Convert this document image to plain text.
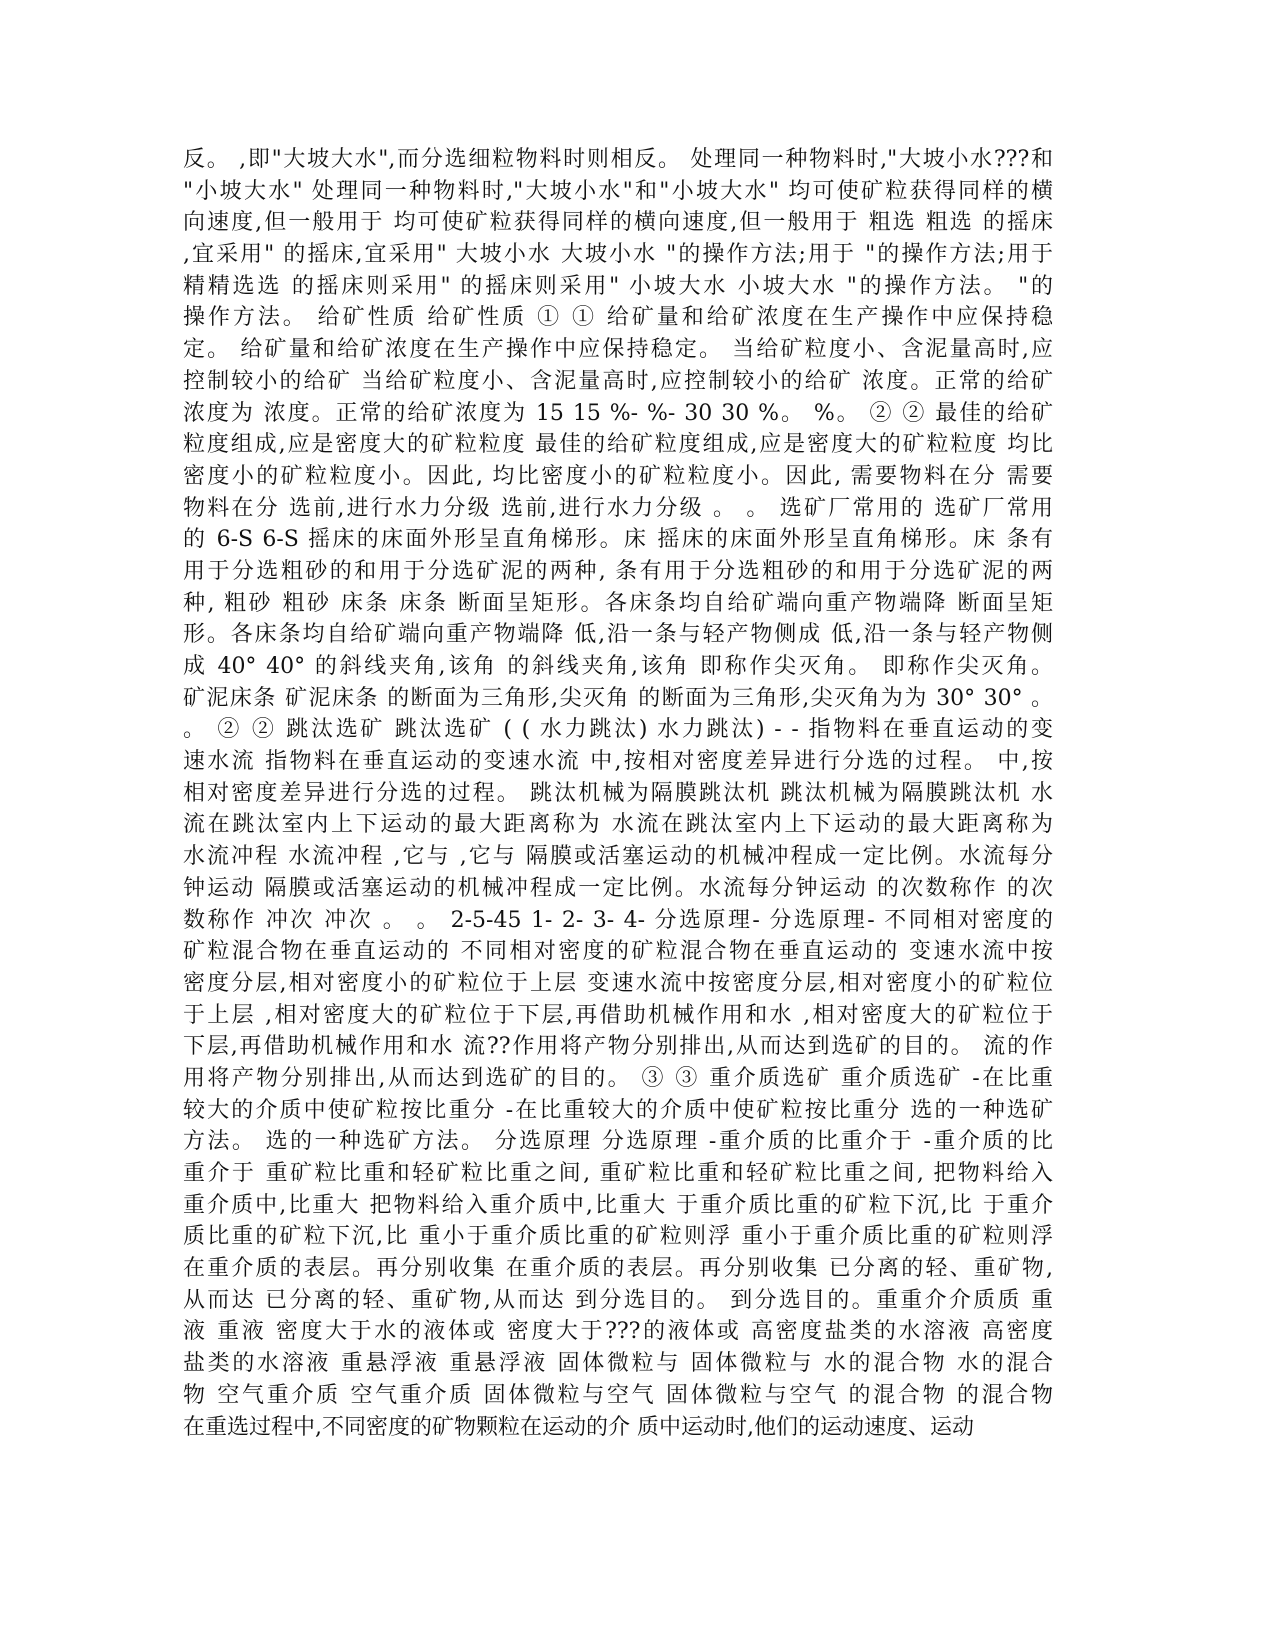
反。 ,即"大坡大水",而分选细粒物料时则相反。 处理同一种物料时,"大坡小水???和
"小坡大水" 处理同一种物料时,"大坡小水"和"小坡大水" 均可使矿粒获得同样的横
向速度,但一般用于 均可使矿粒获得同样的横向速度,但一般用于 粗选 粗选 的摇床
,宜采用" 的摇床,宜采用" 大坡小水 大坡小水 "的操作方法;用于 "的操作方法;用于
精精选选 的摇床则采用" 的摇床则采用" 小坡大水 小坡大水 "的操作方法。 "的
操作方法。 给矿性质 给矿性质 ① ① 给矿量和给矿浓度在生产操作中应保持稳
定。 给矿量和给矿浓度在生产操作中应保持稳定。 当给矿粒度小、含泥量高时,应
控制较小的给矿 当给矿粒度小、含泥量高时,应控制较小的给矿 浓度。正常的给矿
浓度为 浓度。正常的给矿浓度为 15 15 %- %- 30 30 %。 %。 ② ② 最佳的给矿
粒度组成,应是密度大的矿粒粒度 最佳的给矿粒度组成,应是密度大的矿粒粒度 均比
密度小的矿粒粒度小。因此, 均比密度小的矿粒粒度小。因此, 需要物料在分 需要
物料在分 选前,进行水力分级 选前,进行水力分级 。 。 选矿厂常用的 选矿厂常用
的 6-S 6-S 摇床的床面外形呈直角梯形。床 摇床的床面外形呈直角梯形。床 条有
用于分选粗砂的和用于分选矿泥的两种, 条有用于分选粗砂的和用于分选矿泥的两
种, 粗砂 粗砂 床条 床条 断面呈矩形。各床条均自给矿端向重产物端降 断面呈矩
形。各床条均自给矿端向重产物端降 低,沿一条与轻产物侧成 低,沿一条与轻产物侧
成 40° 40° 的斜线夹角,该角 的斜线夹角,该角 即称作尖灭角。 即称作尖灭角。
矿泥床条 矿泥床条 的断面为三角形,尖灭角 的断面为三角形,尖灭角为为 30° 30° 。
。 ② ② 跳汰选矿 跳汰选矿 ( ( 水力跳汰) 水力跳汰) - - 指物料在垂直运动的变
速水流 指物料在垂直运动的变速水流 中,按相对密度差异进行分选的过程。 中,按
相对密度差异进行分选的过程。 跳汰机械为隔膜跳汰机 跳汰机械为隔膜跳汰机 水
流在跳汰室内上下运动的最大距离称为 水流在跳汰室内上下运动的最大距离称为
水流冲程 水流冲程 ,它与 ,它与 隔膜或活塞运动的机械冲程成一定比例。水流每分
钟运动 隔膜或活塞运动的机械冲程成一定比例。水流每分钟运动 的次数称作 的次
数称作 冲次 冲次 。 。 2-5-45 1- 2- 3- 4- 分选原理- 分选原理- 不同相对密度的
矿粒混合物在垂直运动的 不同相对密度的矿粒混合物在垂直运动的 变速水流中按
密度分层,相对密度小的矿粒位于上层 变速水流中按密度分层,相对密度小的矿粒位
于上层 ,相对密度大的矿粒位于下层,再借助机械作用和水 ,相对密度大的矿粒位于
下层,再借助机械作用和水 流??作用将产物分别排出,从而达到选矿的目的。 流的作
用将产物分别排出,从而达到选矿的目的。 ③ ③ 重介质选矿 重介质选矿 -在比重
较大的介质中使矿粒按比重分 -在比重较大的介质中使矿粒按比重分 选的一种选矿
方法。 选的一种选矿方法。 分选原理 分选原理 -重介质的比重介于 -重介质的比
重介于 重矿粒比重和轻矿粒比重之间, 重矿粒比重和轻矿粒比重之间, 把物料给入
重介质中,比重大 把物料给入重介质中,比重大 于重介质比重的矿粒下沉,比 于重介
质比重的矿粒下沉,比 重小于重介质比重的矿粒则浮 重小于重介质比重的矿粒则浮
在重介质的表层。再分别收集 在重介质的表层。再分别收集 已分离的轻、重矿物,
从而达 已分离的轻、重矿物,从而达 到分选目的。 到分选目的。重重介介质质 重
液 重液 密度大于水的液体或 密度大于???的液体或 高密度盐类的水溶液 高密度
盐类的水溶液 重悬浮液 重悬浮液 固体微粒与 固体微粒与 水的混合物 水的混合
物 空气重介质 空气重介质 固体微粒与空气 固体微粒与空气 的混合物 的混合物
在重选过程中,不同密度的矿物颗粒在运动的介 质中运动时,他们的运动速度、运动
